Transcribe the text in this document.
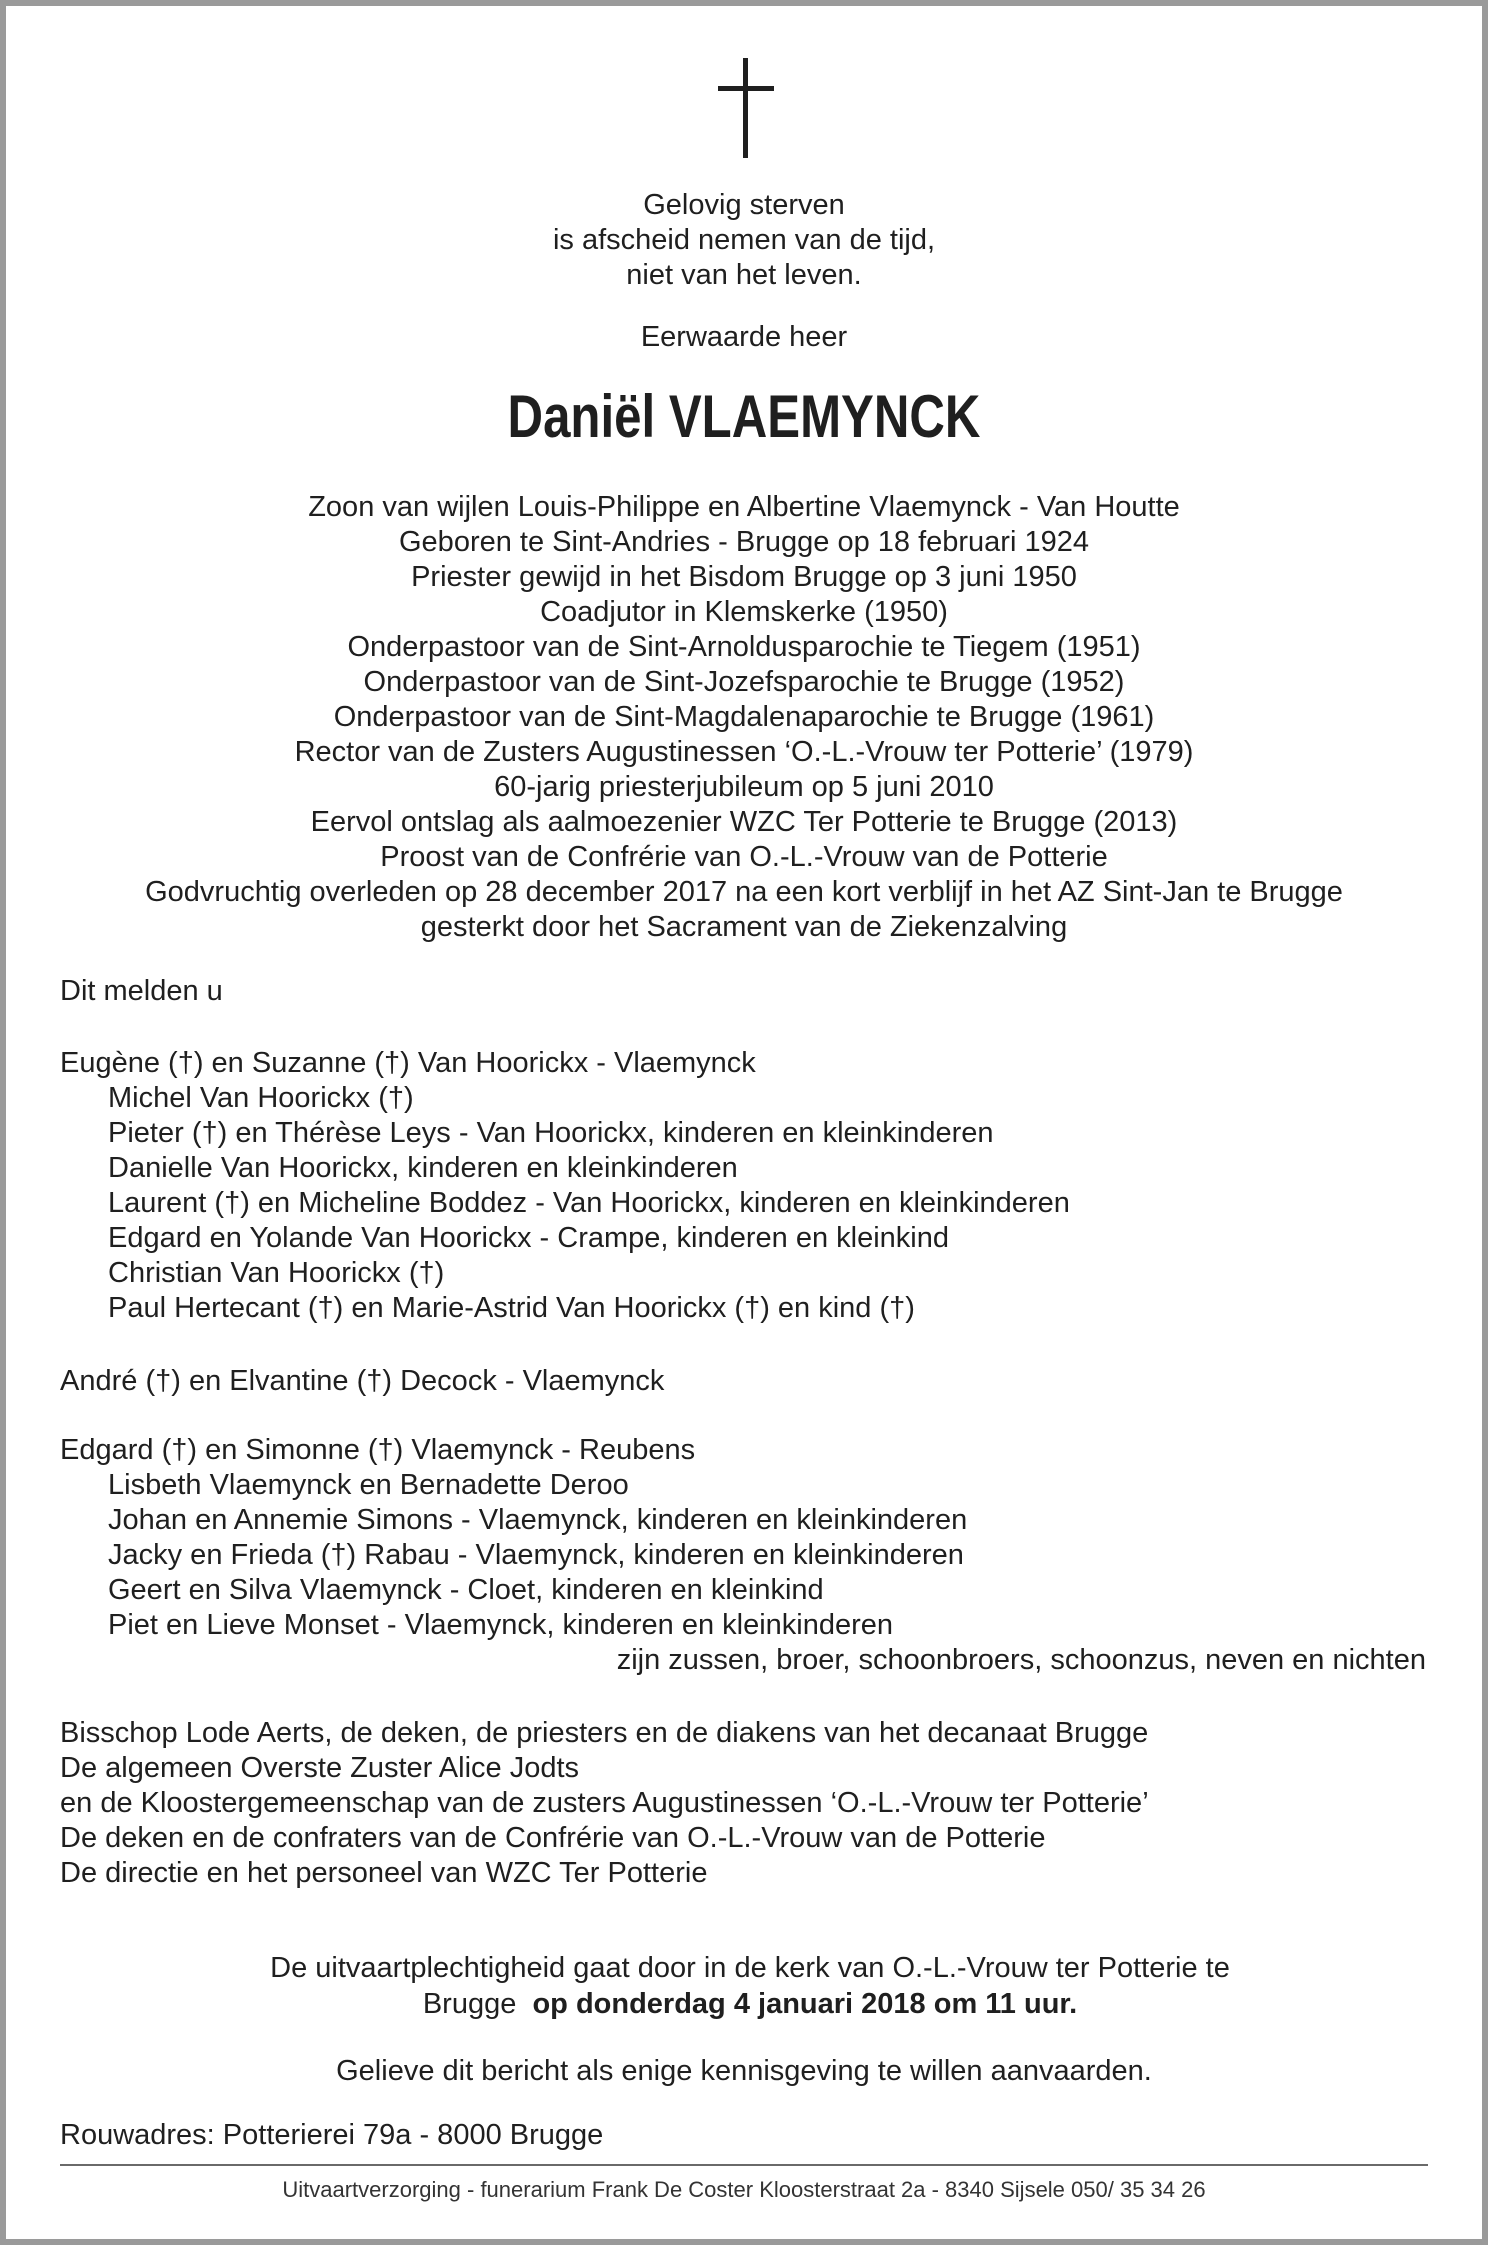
Gelovig sterven
is afscheid nemen van de tijd,
niet van het leven.
Eerwaarde heer
Daniël VLAEMYNCK
Zoon van wijlen Louis-Philippe en Albertine Vlaemynck - Van Houtte
Geboren te Sint-Andries - Brugge op 18 februari 1924
Priester gewijd in het Bisdom Brugge op 3 juni 1950
Coadjutor in Klemskerke (1950)
Onderpastoor van de Sint-Arnoldusparochie te Tiegem (1951)
Onderpastoor van de Sint-Jozefsparochie te Brugge (1952)
Onderpastoor van de Sint-Magdalenaparochie te Brugge (1961)
Rector van de Zusters Augustinessen ‘O.-L.-Vrouw ter Potterie’ (1979)
60-jarig priesterjubileum op 5 juni 2010
Eervol ontslag als aalmoezenier WZC Ter Potterie te Brugge (2013)
Proost van de Confrérie van O.-L.-Vrouw van de Potterie
Godvruchtig overleden op 28 december 2017 na een kort verblijf in het AZ Sint-Jan te Brugge
gesterkt door het Sacrament van de Ziekenzalving
Dit melden u
Eugène (†) en Suzanne (†) Van Hoorickx - Vlaemynck
Michel Van Hoorickx (†)
Pieter (†) en Thérèse Leys - Van Hoorickx, kinderen en kleinkinderen
Danielle Van Hoorickx, kinderen en kleinkinderen
Laurent (†) en Micheline Boddez - Van Hoorickx, kinderen en kleinkinderen
Edgard en Yolande Van Hoorickx - Crampe, kinderen en kleinkind
Christian Van Hoorickx (†)
Paul Hertecant (†) en Marie-Astrid Van Hoorickx (†) en kind (†)
André (†) en Elvantine (†) Decock - Vlaemynck
Edgard (†) en Simonne (†) Vlaemynck - Reubens
Lisbeth Vlaemynck en Bernadette Deroo
Johan en Annemie Simons - Vlaemynck, kinderen en kleinkinderen
Jacky en Frieda (†) Rabau - Vlaemynck, kinderen en kleinkinderen
Geert en Silva Vlaemynck - Cloet, kinderen en kleinkind
Piet en Lieve Monset - Vlaemynck, kinderen en kleinkinderen
zijn zussen, broer, schoonbroers, schoonzus, neven en nichten
Bisschop Lode Aerts, de deken, de priesters en de diakens van het decanaat Brugge
De algemeen Overste Zuster Alice Jodts
en de Kloostergemeenschap van de zusters Augustinessen ‘O.-L.-Vrouw ter Potterie’
De deken en de confraters van de Confrérie van O.-L.-Vrouw van de Potterie
De directie en het personeel van WZC Ter Potterie
De uitvaartplechtigheid gaat door in de kerk van O.-L.-Vrouw ter Potterie te
Brugge op donderdag 4 januari 2018 om 11 uur.
Gelieve dit bericht als enige kennisgeving te willen aanvaarden.
Rouwadres: Potterierei 79a - 8000 Brugge
Uitvaartverzorging - funerarium Frank De Coster Kloosterstraat 2a - 8340 Sijsele 050/ 35 34 26
